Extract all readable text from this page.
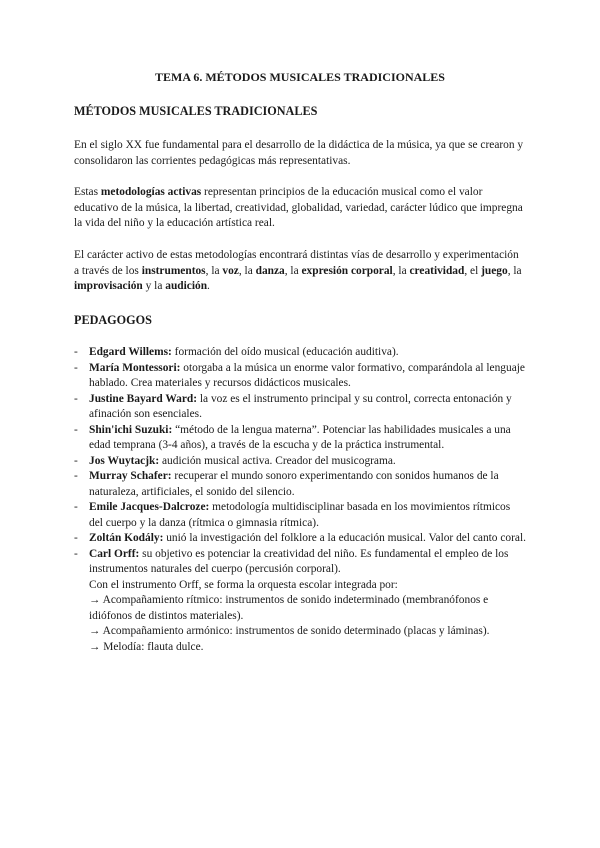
TEMA 6. MÉTODOS MUSICALES TRADICIONALES
MÉTODOS MUSICALES TRADICIONALES

En el siglo XX fue fundamental para el desarrollo de la didáctica de la música, ya que se crearon y consolidaron las corrientes pedagógicas más representativas.

Estas metodologías activas representan principios de la educación musical como el valor educativo de la música, la libertad, creatividad, globalidad, variedad, carácter lúdico que impregna la vida del niño y la educación artística real.

El carácter activo de estas metodologías encontrará distintas vías de desarrollo y experimentación a través de los instrumentos, la voz, la danza, la expresión corporal, la creatividad, el juego, la improvisación y la audición.

PEDAGOGOS
- Edgard Willems: formación del oído musical (educación auditiva).
- María Montessori: otorgaba a la música un enorme valor formativo, comparándola al lenguaje hablado. Crea materiales y recursos didácticos musicales.
- Justine Bayard Ward: la voz es el instrumento principal y su control, correcta entonación y afinación son esenciales.
- Shin'ichi Suzuki: “método de la lengua materna”. Potenciar las habilidades musicales a una edad temprana (3-4 años), a través de la escucha y de la práctica instrumental.
- Jos Wuytacjk: audición musical activa. Creador del musicograma.
- Murray Schafer: recuperar el mundo sonoro experimentando con sonidos humanos de la naturaleza, artificiales, el sonido del silencio.
- Emile Jacques-Dalcroze: metodología multidisciplinar basada en los movimientos rítmicos del cuerpo y la danza (rítmica o gimnasia rítmica).
- Zoltán Kodály: unió la investigación del folklore a la educación musical. Valor del canto coral.
- Carl Orff: su objetivo es potenciar la creatividad del niño. Es fundamental el empleo de los instrumentos naturales del cuerpo (percusión corporal).
Con el instrumento Orff, se forma la orquesta escolar integrada por:
→ Acompañamiento rítmico: instrumentos de sonido indeterminado (membranófonos e idiófonos de distintos materiales).
→ Acompañamiento armónico: instrumentos de sonido determinado (placas y láminas).
→ Melodía: flauta dulce.
